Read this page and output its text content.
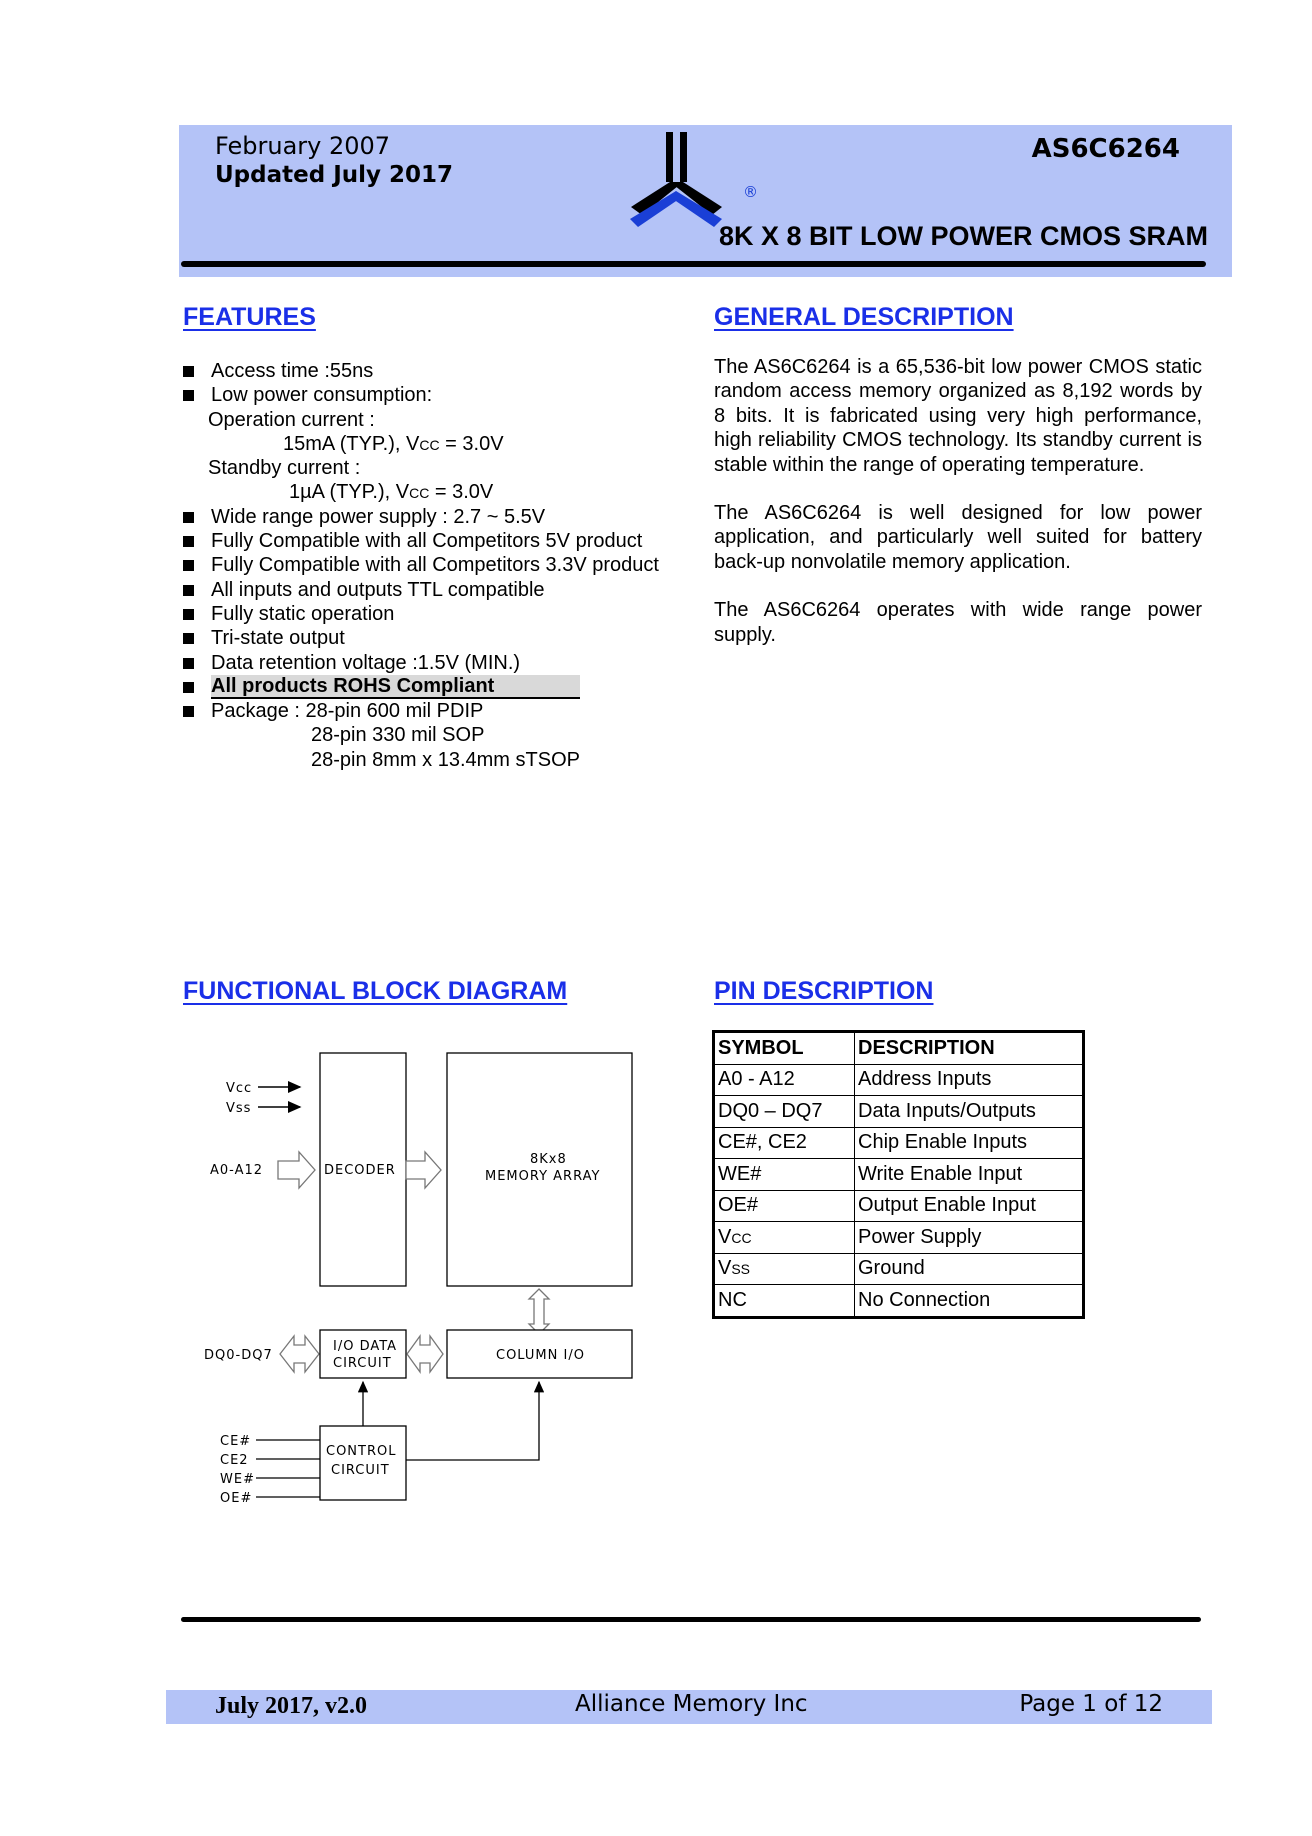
February 2007
Updated July 2017
AS6C6264
®
8K X 8 BIT LOW POWER CMOS SRAM
FEATURES
Access time :55ns
Low power consumption:
Operation current :
15mA (TYP.), VCC = 3.0V
Standby current :
1µA (TYP.), VCC = 3.0V
Wide range power supply : 2.7 ~ 5.5V
Fully Compatible with all Competitors 5V product
Fully Compatible with all Competitors 3.3V product
All inputs and outputs TTL compatible
Fully static operation
Tri-state output
Data retention voltage :1.5V (MIN.)
All products ROHS Compliant
Package : 28-pin 600 mil PDIP
28-pin 330 mil SOP
28-pin 8mm x 13.4mm sTSOP
GENERAL DESCRIPTION

The AS6C6264 is a 65,536-bit low power CMOS static random access memory organized as 8,192 words by 8 bits. It is fabricated using very high performance, high reliability CMOS technology. Its standby current is stable within the range of operating temperature.

The AS6C6264 is well designed for low power application, and particularly well suited for battery back-up nonvolatile memory application.

The AS6C6264 operates with wide range power supply.

FUNCTIONAL BLOCK DIAGRAM
Vcc
Vss
A0-A12	DECODER
8Kx8
MEMORY ARRAY
DQ0-DQ7
I/O DATA
CIRCUIT
COLUMN I/O
CE#
CE2
WE#
OE#
CONTROL
CIRCUIT
PIN DESCRIPTION
SYMBOL	DESCRIPTION
A0 - A12	Address Inputs
DQ0 – DQ7	Data Inputs/Outputs
CE#, CE2	Chip Enable Inputs
WE#	Write Enable Input
OE#	Output Enable Input
VCC	Power Supply
VSS	Ground
NC	No Connection
July 2017, v2.0	Alliance Memory Inc	Page 1 of 12
